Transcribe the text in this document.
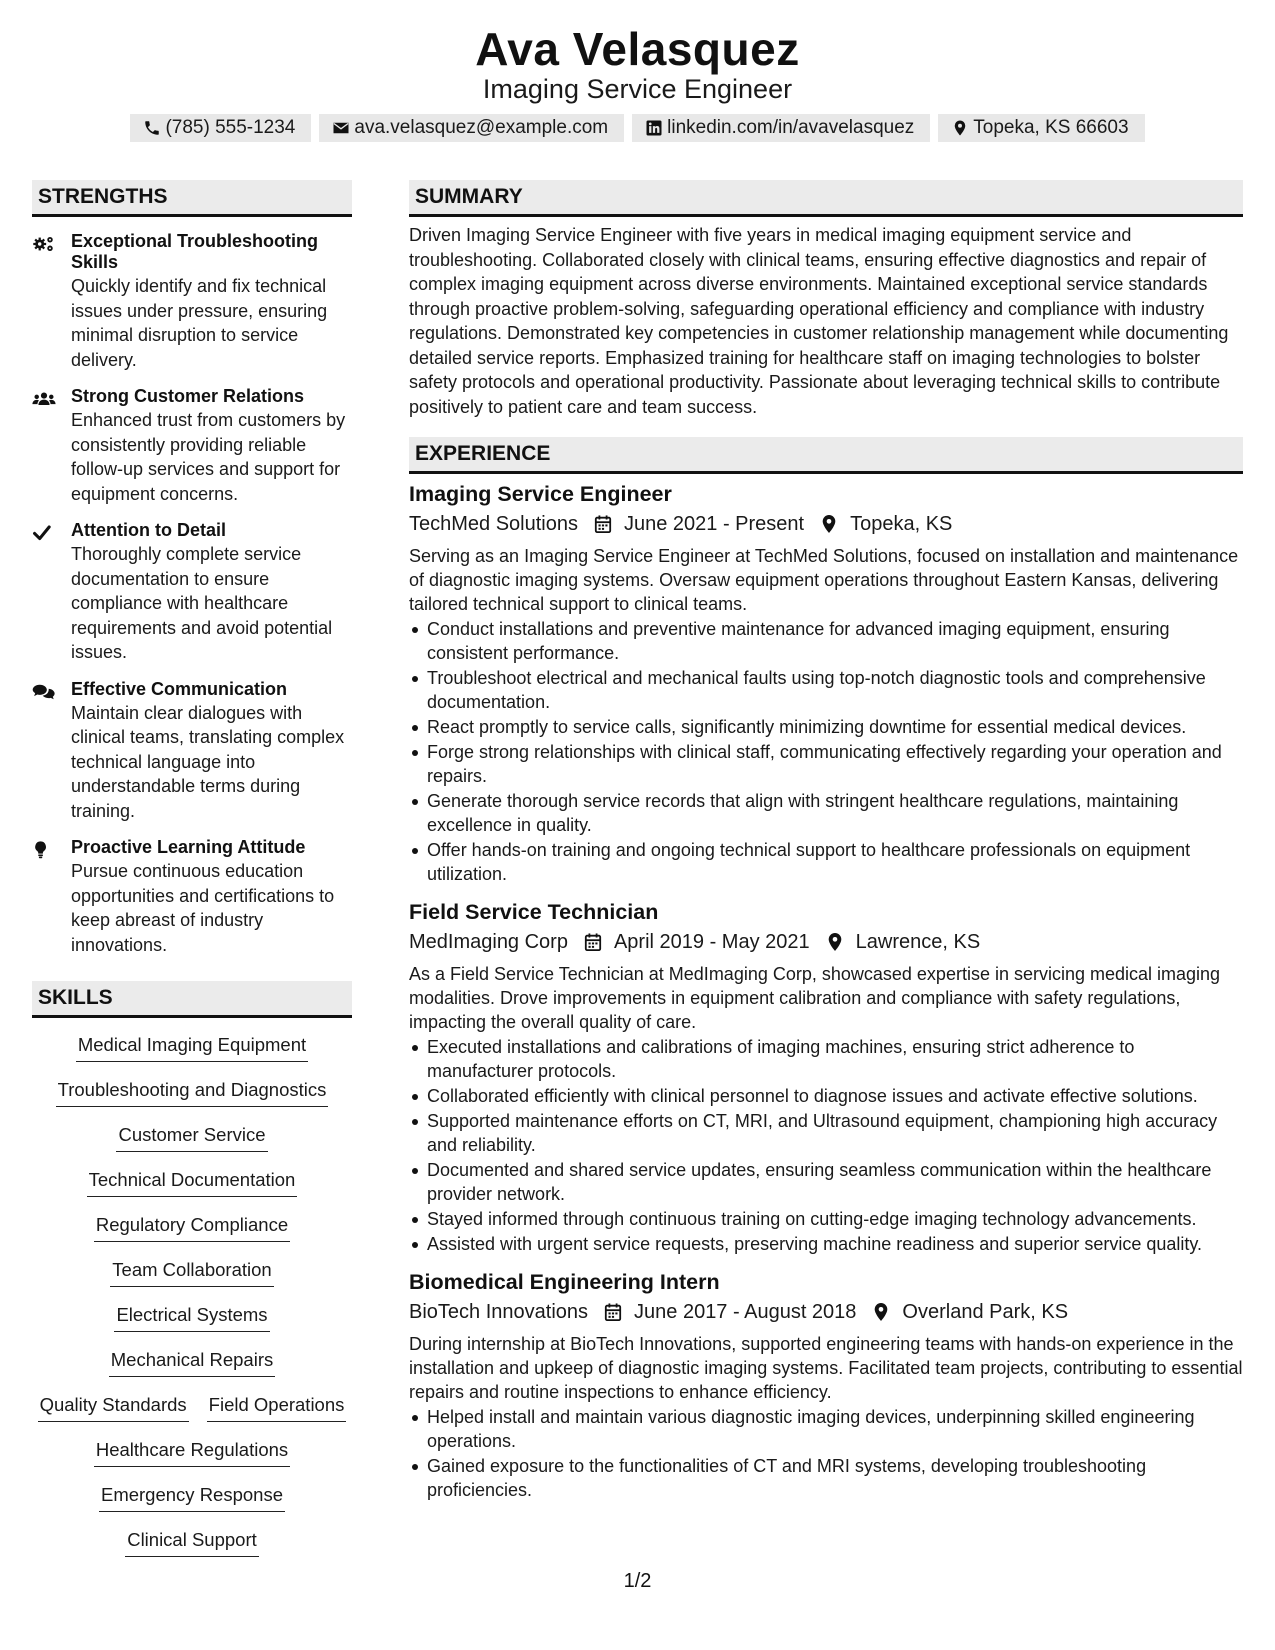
Ava Velasquez
Imaging Service Engineer
(785) 555-1234	ava.velasquez@example.com	linkedin.com/in/avavelasquez	Topeka, KS 66603
STRENGTHS
Exceptional Troubleshooting Skills
Quickly identify and fix technical issues under pressure, ensuring minimal disruption to service delivery.
Strong Customer Relations
Enhanced trust from customers by consistently providing reliable follow-up services and support for equipment concerns.
Attention to Detail
Thoroughly complete service documentation to ensure compliance with healthcare requirements and avoid potential issues.
Effective Communication
Maintain clear dialogues with clinical teams, translating complex technical language into understandable terms during training.
Proactive Learning Attitude
Pursue continuous education opportunities and certifications to keep abreast of industry innovations.
SKILLS
Medical Imaging Equipment
Troubleshooting and Diagnostics
Customer Service
Technical Documentation
Regulatory Compliance
Team Collaboration
Electrical Systems
Mechanical Repairs
Quality Standards Field Operations
Healthcare Regulations
Emergency Response
Clinical Support
SUMMARY
Driven Imaging Service Engineer with five years in medical imaging equipment service and troubleshooting. Collaborated closely with clinical teams, ensuring effective diagnostics and repair of complex imaging equipment across diverse environments. Maintained exceptional service standards through proactive problem-solving, safeguarding operational efficiency and compliance with industry regulations. Demonstrated key competencies in customer relationship management while documenting detailed service reports. Emphasized training for healthcare staff on imaging technologies to bolster safety protocols and operational productivity. Passionate about leveraging technical skills to contribute positively to patient care and team success.
EXPERIENCE
Imaging Service Engineer
TechMed Solutions June 2021 - Present Topeka, KS
Serving as an Imaging Service Engineer at TechMed Solutions, focused on installation and maintenance of diagnostic imaging systems. Oversaw equipment operations throughout Eastern Kansas, delivering tailored technical support to clinical teams.
Conduct installations and preventive maintenance for advanced imaging equipment, ensuring consistent performance.
Troubleshoot electrical and mechanical faults using top-notch diagnostic tools and comprehensive documentation.
React promptly to service calls, significantly minimizing downtime for essential medical devices.
Forge strong relationships with clinical staff, communicating effectively regarding your operation and repairs.
Generate thorough service records that align with stringent healthcare regulations, maintaining excellence in quality.
Offer hands-on training and ongoing technical support to healthcare professionals on equipment utilization.
Field Service Technician
MedImaging Corp April 2019 - May 2021 Lawrence, KS
As a Field Service Technician at MedImaging Corp, showcased expertise in servicing medical imaging modalities. Drove improvements in equipment calibration and compliance with safety regulations, impacting the overall quality of care.
Executed installations and calibrations of imaging machines, ensuring strict adherence to manufacturer protocols.
Collaborated efficiently with clinical personnel to diagnose issues and activate effective solutions.
Supported maintenance efforts on CT, MRI, and Ultrasound equipment, championing high accuracy and reliability.
Documented and shared service updates, ensuring seamless communication within the healthcare provider network.
Stayed informed through continuous training on cutting-edge imaging technology advancements.
Assisted with urgent service requests, preserving machine readiness and superior service quality.
Biomedical Engineering Intern
BioTech Innovations June 2017 - August 2018 Overland Park, KS
During internship at BioTech Innovations, supported engineering teams with hands-on experience in the installation and upkeep of diagnostic imaging systems. Facilitated team projects, contributing to essential repairs and routine inspections to enhance efficiency.
Helped install and maintain various diagnostic imaging devices, underpinning skilled engineering operations.
Gained exposure to the functionalities of CT and MRI systems, developing troubleshooting proficiencies.
1/2
